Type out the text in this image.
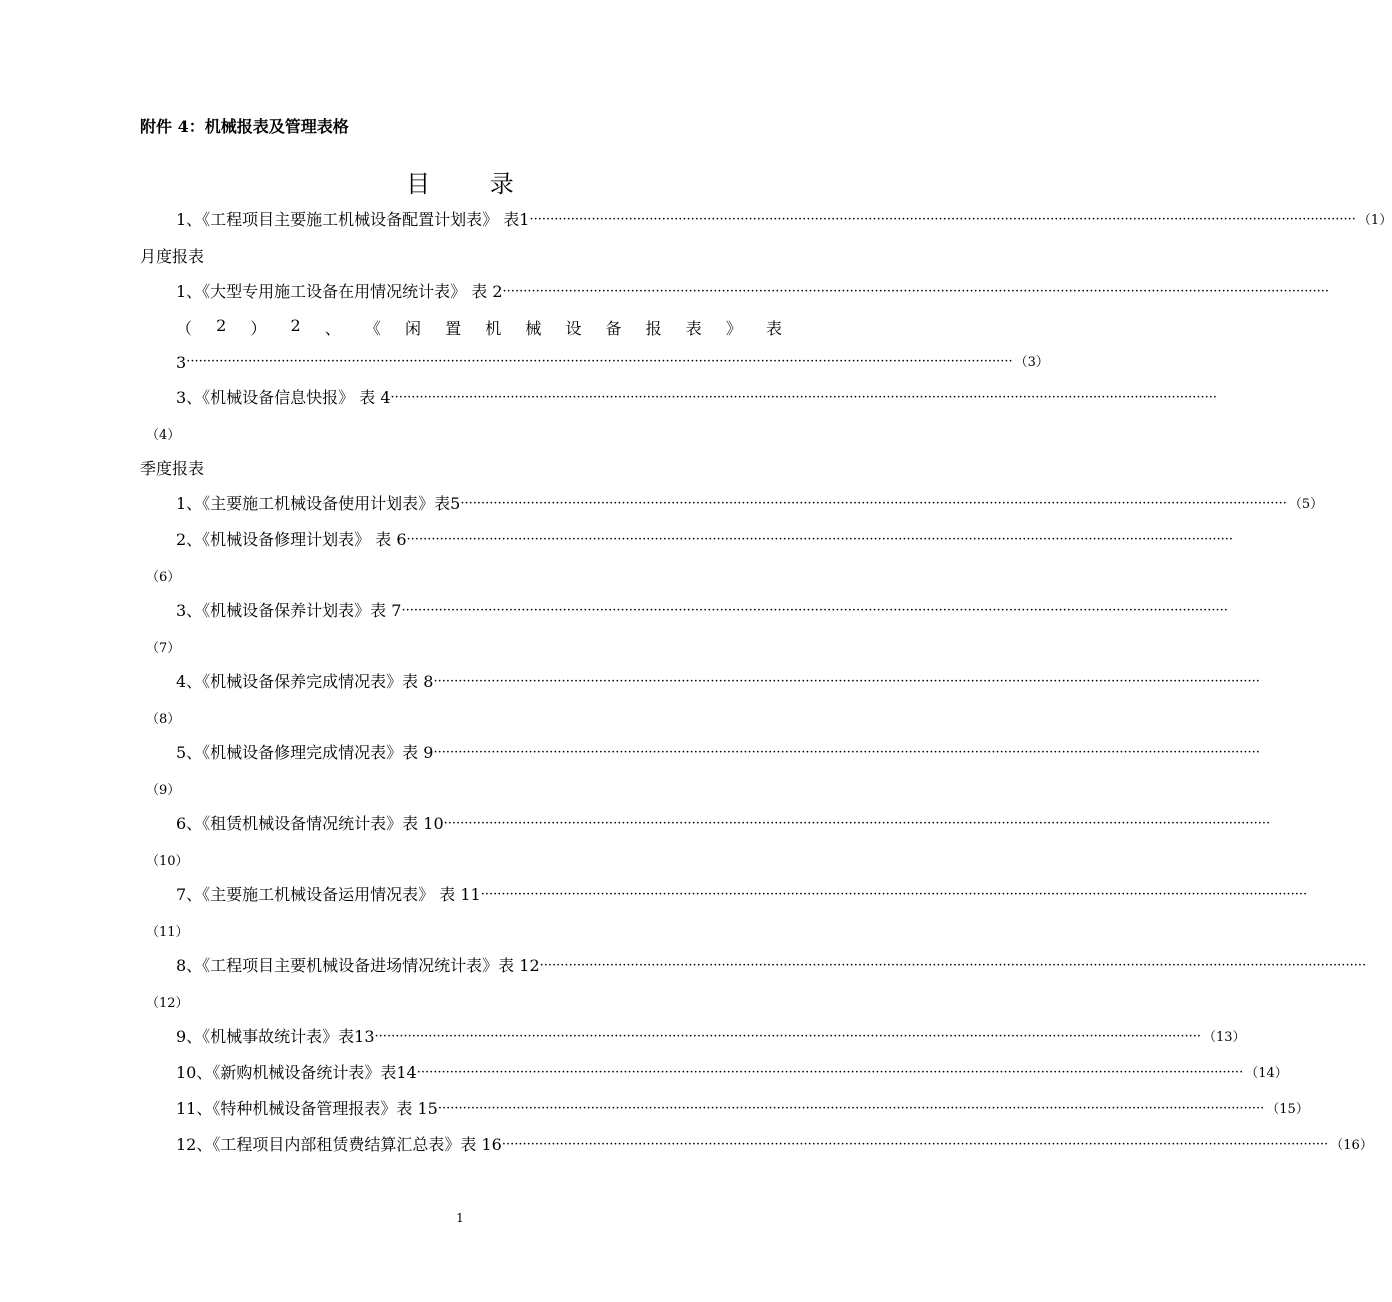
附件 4：机械报表及管理表格
目 录
1、《工程项目主要施工机械设备配置计划表》 表1 ········································································································································································································ （1）
月度报表
1、《大型专用施工设备在用情况统计表》 表 2 ········································································································································································································
（ 2 ） 2 、 《 闲 置 机 械 设 备 报 表 》 表
3 ········································································································································································································ （3）
3、《机械设备信息快报》 表 4 ········································································································································································································
（4）
季度报表
1、《主要施工机械设备使用计划表》表5 ········································································································································································································ （5）
2、《机械设备修理计划表》 表 6 ········································································································································································································
（6）
3、《机械设备保养计划表》表 7 ········································································································································································································
（7）
4、《机械设备保养完成情况表》表 8 ········································································································································································································
（8）
5、《机械设备修理完成情况表》表 9 ········································································································································································································
（9）
6、《租赁机械设备情况统计表》表 10 ········································································································································································································
（10）
7、《主要施工机械设备运用情况表》 表 11 ········································································································································································································
（11）
8、《工程项目主要机械设备进场情况统计表》表 12 ········································································································································································································
（12）
9、《机械事故统计表》表13 ········································································································································································································ （13）
10、《新购机械设备统计表》表14 ········································································································································································································ （14）
11、《特种机械设备管理报表》表 15 ········································································································································································································ （15）
12、《工程项目内部租赁费结算汇总表》表 16 ········································································································································································································ （16）
1
